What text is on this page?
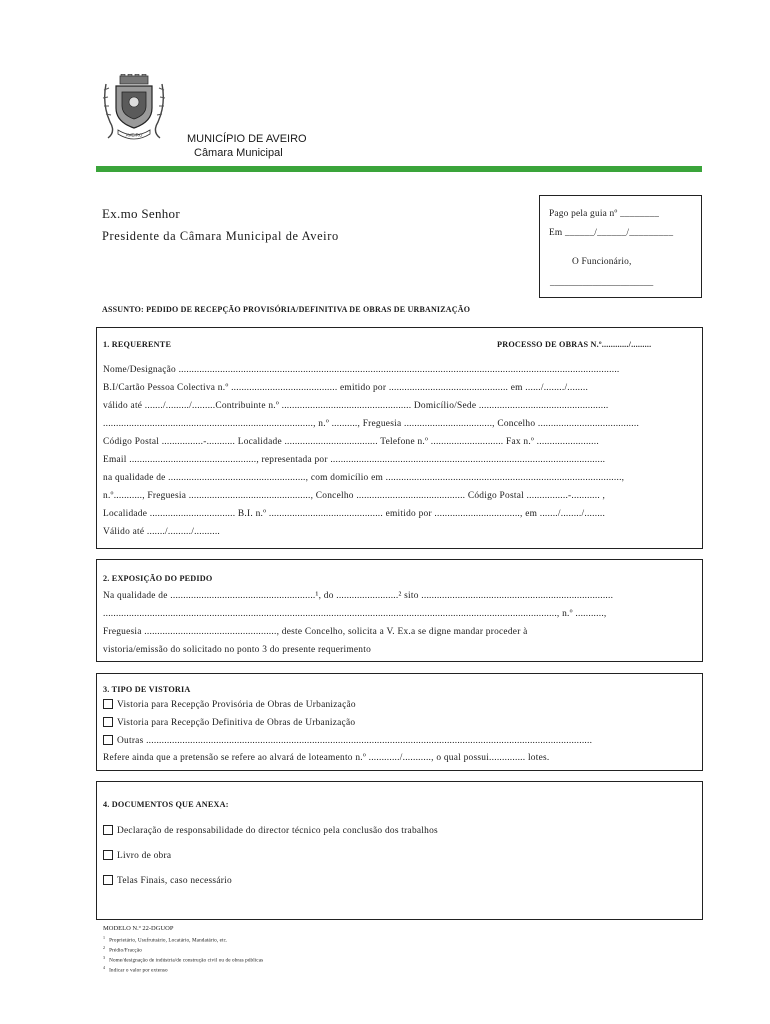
AVEIRO	MUNICÍPIO DE AVEIRO
Câmara Municipal
Ex.mo Senhor
Presidente da Câmara Municipal de Aveiro
Pago pela guia nº ________
Em ______/______/_________
O Funcionário,
______________________
ASSUNTO: PEDIDO DE RECEPÇÃO PROVISÓRIA/DEFINITIVA DE OBRAS DE URBANIZAÇÃO
1. REQUERENTE	PROCESSO DE OBRAS N.º............/.........
Nome/Designação ..........................................................................................................................................................................
B.I/Cartão Pessoa Colectiva n.º ......................................... emitido por .............................................. em ....../......../........
válido até ......./........./.........Contribuinte n.º .................................................. Domicílio/Sede ..................................................
................................................................................., n.º .........., Freguesia .................................., Concelho .......................................
Código Postal ................-........... Localidade .................................... Telefone n.º ............................ Fax n.º ........................
Email ................................................., representada por ..........................................................................................................
na qualidade de ....................................................., com domicílio em ...........................................................................................,
n.º..........., Freguesia ..............................................., Concelho .......................................... Código Postal ................-........... ,
Localidade ................................. B.I. n.º ............................................ emitido por ................................., em ......./......../........
Válido até ......./........./..........
2. EXPOSIÇÃO DO PEDIDO
Na qualidade de ........................................................¹, do ........................² sito ..........................................................................
..............................................................................................................................................................................., n.º ...........,
Freguesia ..................................................., deste Concelho, solicita a V. Ex.a se digne mandar proceder à
vistoria/emissão do solicitado no ponto 3 do presente requerimento
3. TIPO DE VISTORIA
Vistoria para Recepção Provisória de Obras de Urbanização
Vistoria para Recepção Definitiva de Obras de Urbanização
Outras ............................................................................................................................................................................
Refere ainda que a pretensão se refere ao alvará de loteamento n.º ............/..........., o qual possui.............. lotes.
4. DOCUMENTOS QUE ANEXA:
Declaração de responsabilidade do director técnico pela conclusão dos trabalhos
Livro de obra
Telas Finais, caso necessário
MODELO N.º 22-DGUOP
$^1$Proprietário, Usufrutuário, Locatário, Mandatário, etc.
$^2$Prédio/Fracção
$^3$Nome/designação de indústria/de construção civil ou de obras públicas
$^4$Indicar o valor por extenso
